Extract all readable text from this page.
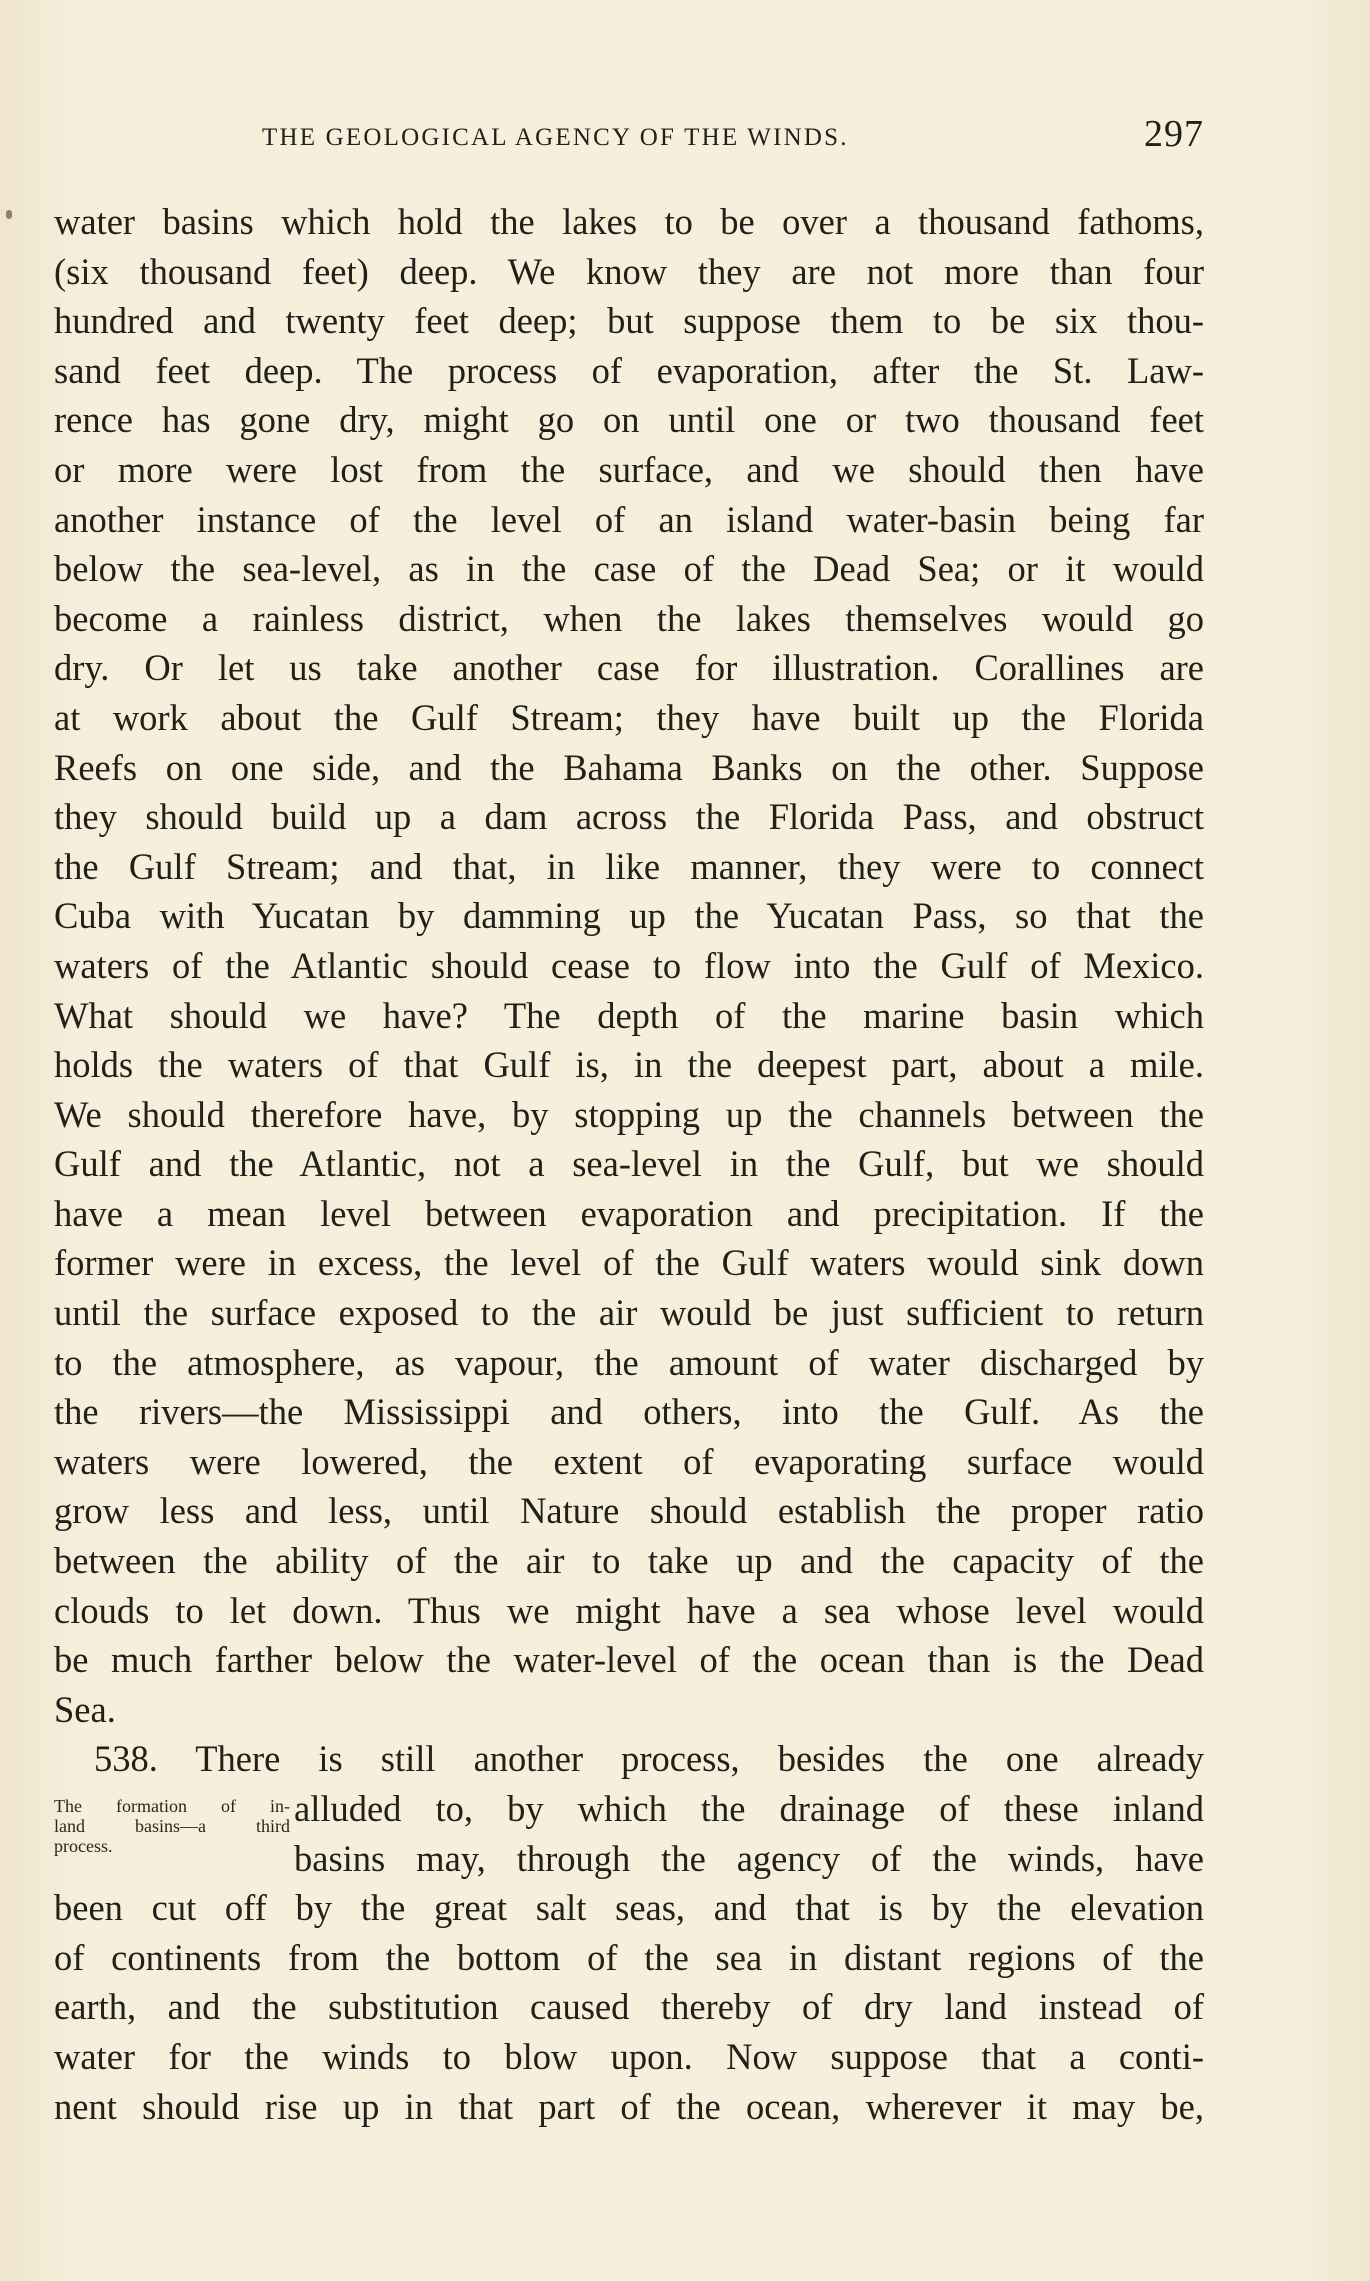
THE GEOLOGICAL AGENCY OF THE WINDS.	297
water basins which hold the lakes to be over a thousand fathoms,
(six thousand feet) deep. We know they are not more than four
hundred and twenty feet deep; but suppose them to be six thou-
sand feet deep. The process of evaporation, after the St. Law-
rence has gone dry, might go on until one or two thousand feet
or more were lost from the surface, and we should then have
another instance of the level of an island water-basin being far
below the sea-level, as in the case of the Dead Sea; or it would
become a rainless district, when the lakes themselves would go
dry. Or let us take another case for illustration. Corallines are
at work about the Gulf Stream; they have built up the Florida
Reefs on one side, and the Bahama Banks on the other. Suppose
they should build up a dam across the Florida Pass, and obstruct
the Gulf Stream; and that, in like manner, they were to connect
Cuba with Yucatan by damming up the Yucatan Pass, so that the
waters of the Atlantic should cease to flow into the Gulf of Mexico.
What should we have? The depth of the marine basin which
holds the waters of that Gulf is, in the deepest part, about a mile.
We should therefore have, by stopping up the channels between the
Gulf and the Atlantic, not a sea-level in the Gulf, but we should
have a mean level between evaporation and precipitation. If the
former were in excess, the level of the Gulf waters would sink down
until the surface exposed to the air would be just sufficient to return
to the atmosphere, as vapour, the amount of water discharged by
the rivers—the Mississippi and others, into the Gulf. As the
waters were lowered, the extent of evaporating surface would
grow less and less, until Nature should establish the proper ratio
between the ability of the air to take up and the capacity of the
clouds to let down. Thus we might have a sea whose level would
be much farther below the water-level of the ocean than is the Dead
Sea.
538. There is still another process, besides the one already
The formation of in-
land basins—a third
process.
alluded to, by which the drainage of these inland
basins may, through the agency of the winds, have
been cut off by the great salt seas, and that is by the elevation
of continents from the bottom of the sea in distant regions of the
earth, and the substitution caused thereby of dry land instead of
water for the winds to blow upon. Now suppose that a conti-
nent should rise up in that part of the ocean, wherever it may be,
